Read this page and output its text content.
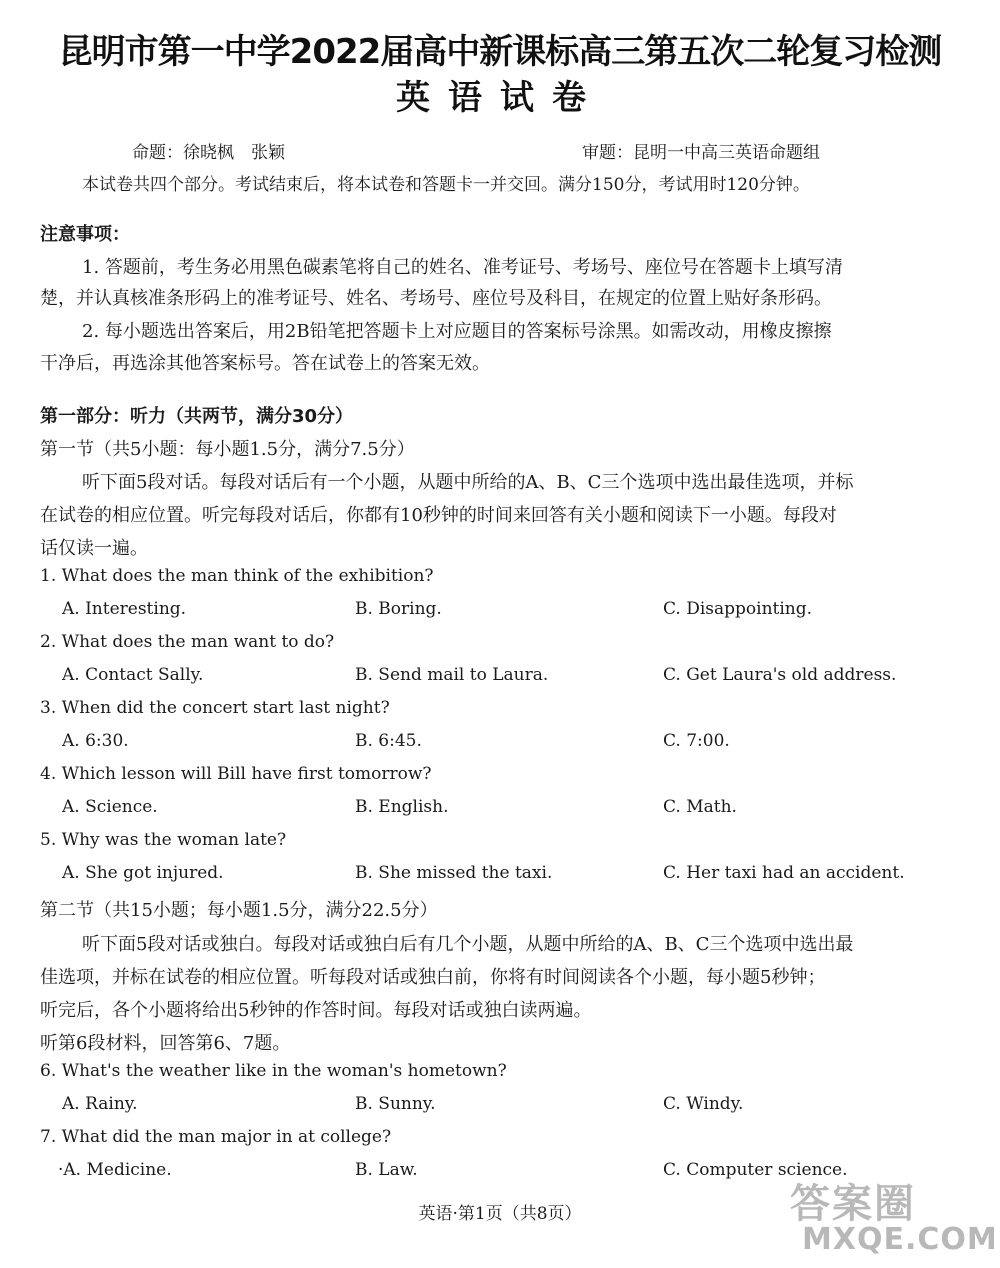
昆明市第一中学2022届高中新课标高三第五次二轮复习检测
英语试卷
命题：徐晓枫　张颖	审题：昆明一中高三英语命题组
本试卷共四个部分。考试结束后，将本试卷和答题卡一并交回。满分150分，考试用时120分钟。
注意事项：
1. 答题前，考生务必用黑色碳素笔将自己的姓名、准考证号、考场号、座位号在答题卡上填写清
楚，并认真核准条形码上的准考证号、姓名、考场号、座位号及科目，在规定的位置上贴好条形码。
2. 每小题选出答案后，用2B铅笔把答题卡上对应题目的答案标号涂黑。如需改动，用橡皮擦擦
干净后，再选涂其他答案标号。答在试卷上的答案无效。
第一部分：听力（共两节，满分30分）
第一节（共5小题：每小题1.5分，满分7.5分）
听下面5段对话。每段对话后有一个小题，从题中所给的A、B、C三个选项中选出最佳选项，并标
在试卷的相应位置。听完每段对话后，你都有10秒钟的时间来回答有关小题和阅读下一小题。每段对
话仅读一遍。
1. What does the man think of the exhibition?
A. Interesting.	B. Boring.	C. Disappointing.
2. What does the man want to do?
A. Contact Sally.	B. Send mail to Laura.	C. Get Laura's old address.
3. When did the concert start last night?
A. 6:30.	B. 6:45.	C. 7:00.
4. Which lesson will Bill have first tomorrow?
A. Science.	B. English.	C. Math.
5. Why was the woman late?
A. She got injured.	B. She missed the taxi.	C. Her taxi had an accident.
第二节（共15小题；每小题1.5分，满分22.5分）
听下面5段对话或独白。每段对话或独白后有几个小题，从题中所给的A、B、C三个选项中选出最
佳选项，并标在试卷的相应位置。听每段对话或独白前，你将有时间阅读各个小题，每小题5秒钟；
听完后，各个小题将给出5秒钟的作答时间。每段对话或独白读两遍。
听第6段材料，回答第6、7题。
6. What's the weather like in the woman's hometown?
A. Rainy.	B. Sunny.	C. Windy.
7. What did the man major in at college?
·A. Medicine.	B. Law.	C. Computer science.
英语·第1页（共8页）	答案圈
MXQE.COM
